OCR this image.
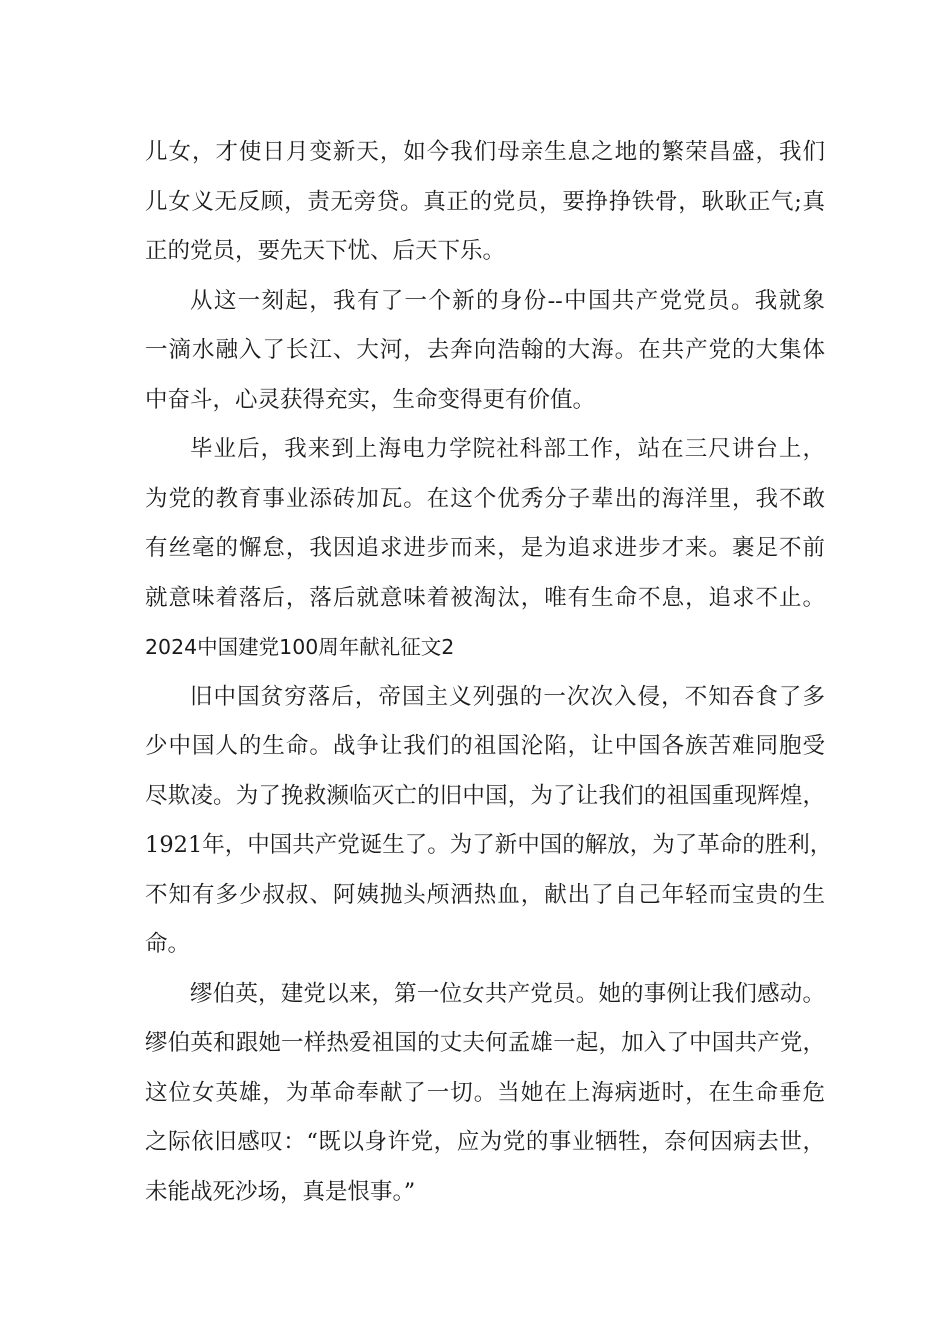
儿女，才使日月变新天，如今我们母亲生息之地的繁荣昌盛，我们
儿女义无反顾，责无旁贷。真正的党员，要挣挣铁骨，耿耿正气;真
正的党员，要先天下忧、后天下乐。
从这一刻起，我有了一个新的身份--中国共产党党员。我就象
一滴水融入了长江、大河，去奔向浩翰的大海。在共产党的大集体
中奋斗，心灵获得充实，生命变得更有价值。
毕业后，我来到上海电力学院社科部工作，站在三尺讲台上，
为党的教育事业添砖加瓦。在这个优秀分子辈出的海洋里，我不敢
有丝毫的懈怠，我因追求进步而来，是为追求进步才来。裹足不前
就意味着落后，落后就意味着被淘汰，唯有生命不息，追求不止。
2024中国建党100周年献礼征文2
旧中国贫穷落后，帝国主义列强的一次次入侵，不知吞食了多
少中国人的生命。战争让我们的祖国沦陷，让中国各族苦难同胞受
尽欺凌。为了挽救濒临灭亡的旧中国，为了让我们的祖国重现辉煌，
1921年，中国共产党诞生了。为了新中国的解放，为了革命的胜利，
不知有多少叔叔、阿姨抛头颅洒热血，献出了自己年轻而宝贵的生
命。
缪伯英，建党以来，第一位女共产党员。她的事例让我们感动。
缪伯英和跟她一样热爱祖国的丈夫何孟雄一起，加入了中国共产党，
这位女英雄，为革命奉献了一切。当她在上海病逝时，在生命垂危
之际依旧感叹：“既以身许党，应为党的事业牺牲，奈何因病去世，
未能战死沙场，真是恨事。”
